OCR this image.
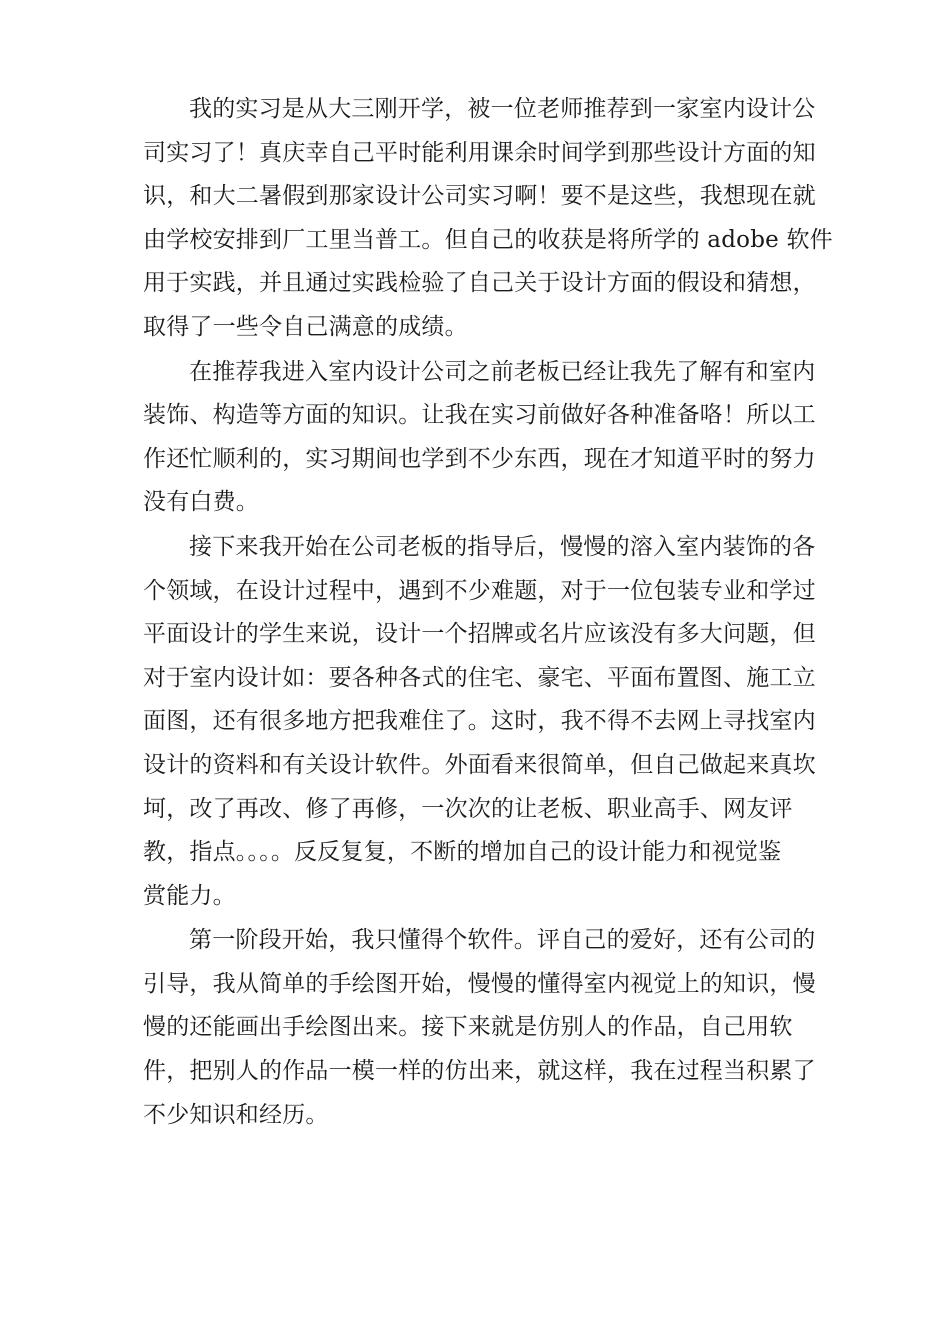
我的实习是从大三刚开学，被一位老师推荐到一家室内设计公
司实习了！真庆幸自己平时能利用课余时间学到那些设计方面的知
识，和大二暑假到那家设计公司实习啊！要不是这些，我想现在就
由学校安排到厂工里当普工。但自己的收获是将所学的 adobe 软件
用于实践，并且通过实践检验了自己关于设计方面的假设和猜想，
取得了一些令自己满意的成绩。
在推荐我进入室内设计公司之前老板已经让我先了解有和室内
装饰、构造等方面的知识。让我在实习前做好各种准备咯！所以工
作还忙顺利的，实习期间也学到不少东西，现在才知道平时的努力
没有白费。
接下来我开始在公司老板的指导后，慢慢的溶入室内装饰的各
个领域，在设计过程中，遇到不少难题，对于一位包装专业和学过
平面设计的学生来说，设计一个招牌或名片应该没有多大问题，但
对于室内设计如：要各种各式的住宅、豪宅、平面布置图、施工立
面图，还有很多地方把我难住了。这时，我不得不去网上寻找室内
设计的资料和有关设计软件。外面看来很简单，但自己做起来真坎
坷，改了再改、修了再修，一次次的让老板、职业高手、网友评
教，指点。。。。反反复复，不断的增加自己的设计能力和视觉鉴
赏能力。
第一阶段开始，我只懂得个软件。评自己的爱好，还有公司的
引导，我从简单的手绘图开始，慢慢的懂得室内视觉上的知识，慢
慢的还能画出手绘图出来。接下来就是仿别人的作品，自己用软
件，把别人的作品一模一样的仿出来，就这样，我在过程当积累了
不少知识和经历。
